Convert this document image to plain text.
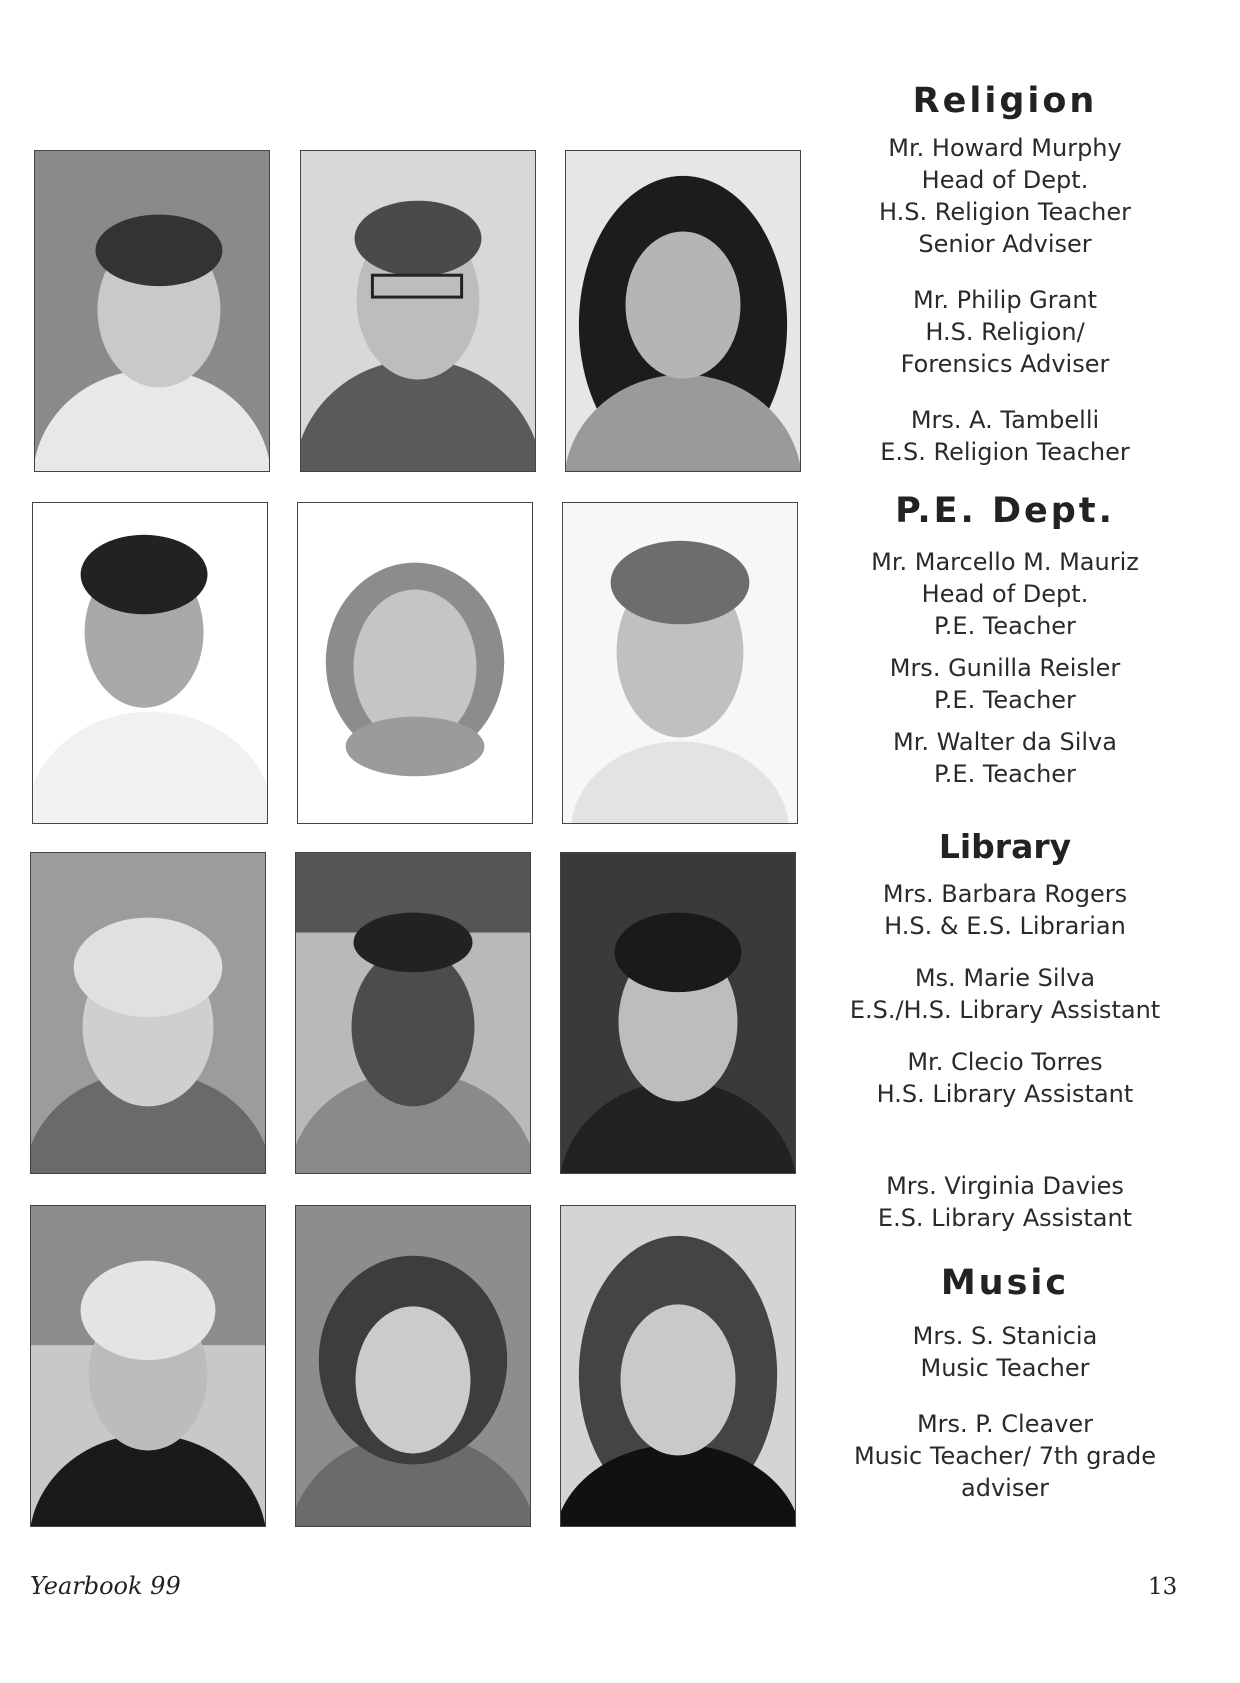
Religion
Mr. Howard Murphy
Head of Dept.
H.S. Religion Teacher
Senior Adviser
Mr. Philip Grant
H.S. Religion/
Forensics Adviser
Mrs. A. Tambelli
E.S. Religion Teacher
P.E. Dept.
Mr. Marcello M. Mauriz
Head of Dept.
P.E. Teacher
Mrs. Gunilla Reisler
P.E. Teacher
Mr. Walter da Silva
P.E. Teacher
Library
Mrs. Barbara Rogers
H.S. & E.S. Librarian
Ms. Marie Silva
E.S./H.S. Library Assistant
Mr. Clecio Torres
H.S. Library Assistant
Mrs. Virginia Davies
E.S. Library Assistant
Music
Mrs. S. Stanicia
Music Teacher
Mrs. P. Cleaver
Music Teacher/ 7th grade
adviser
Yearbook 99	13
